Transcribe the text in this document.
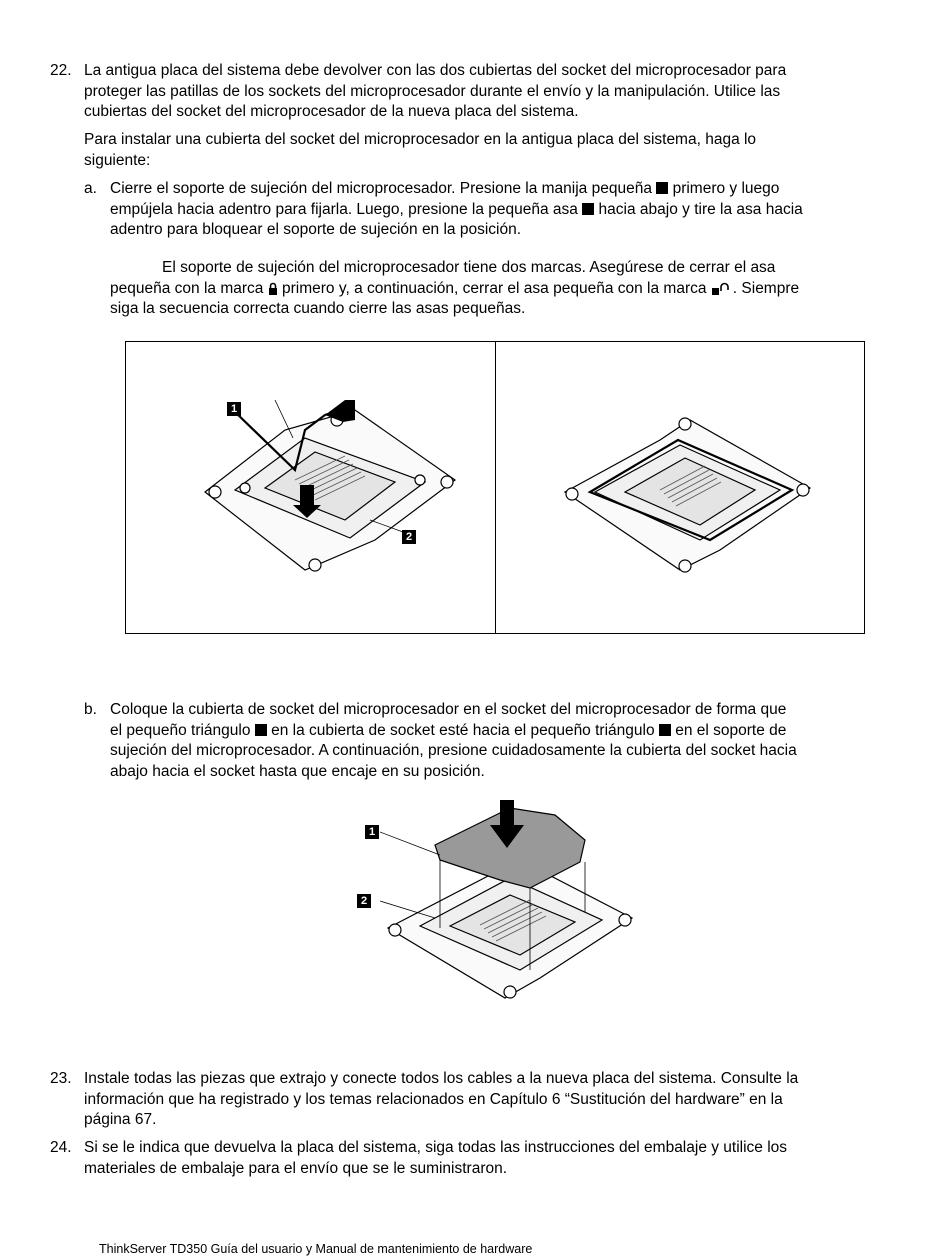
22. La antigua placa del sistema debe devolver con las dos cubiertas del socket del microprocesador para
proteger las patillas de los sockets del microprocesador durante el envío y la manipulación. Utilice las
cubiertas del socket del microprocesador de la nueva placa del sistema.
Para instalar una cubierta del socket del microprocesador en la antigua placa del sistema, haga lo
siguiente:
a. Cierre el soporte de sujeción del microprocesador. Presione la manija pequeña primero y luego
empújela hacia adentro para fijarla. Luego, presione la pequeña asa hacia abajo y tire la asa hacia
adentro para bloquear el soporte de sujeción en la posición.
El soporte de sujeción del microprocesador tiene dos marcas. Asegúrese de cerrar el asa
pequeña con la marca primero y, a continuación, cerrar el asa pequeña con la marca . Siempre
siga la secuencia correcta cuando cierre las asas pequeñas.
1
2
b. Coloque la cubierta de socket del microprocesador en el socket del microprocesador de forma que
el pequeño triángulo en la cubierta de socket esté hacia el pequeño triángulo en el soporte de
sujeción del microprocesador. A continuación, presione cuidadosamente la cubierta del socket hacia
abajo hacia el socket hasta que encaje en su posición.
1
2
23. Instale todas las piezas que extrajo y conecte todos los cables a la nueva placa del sistema. Consulte la
información que ha registrado y los temas relacionados en Capítulo 6 “Sustitución del hardware” en la
página 67.
24. Si se le indica que devuelva la placa del sistema, siga todas las instrucciones del embalaje y utilice los
materiales de embalaje para el envío que se le suministraron.
ThinkServer TD350 Guía del usuario y Manual de mantenimiento de hardware
